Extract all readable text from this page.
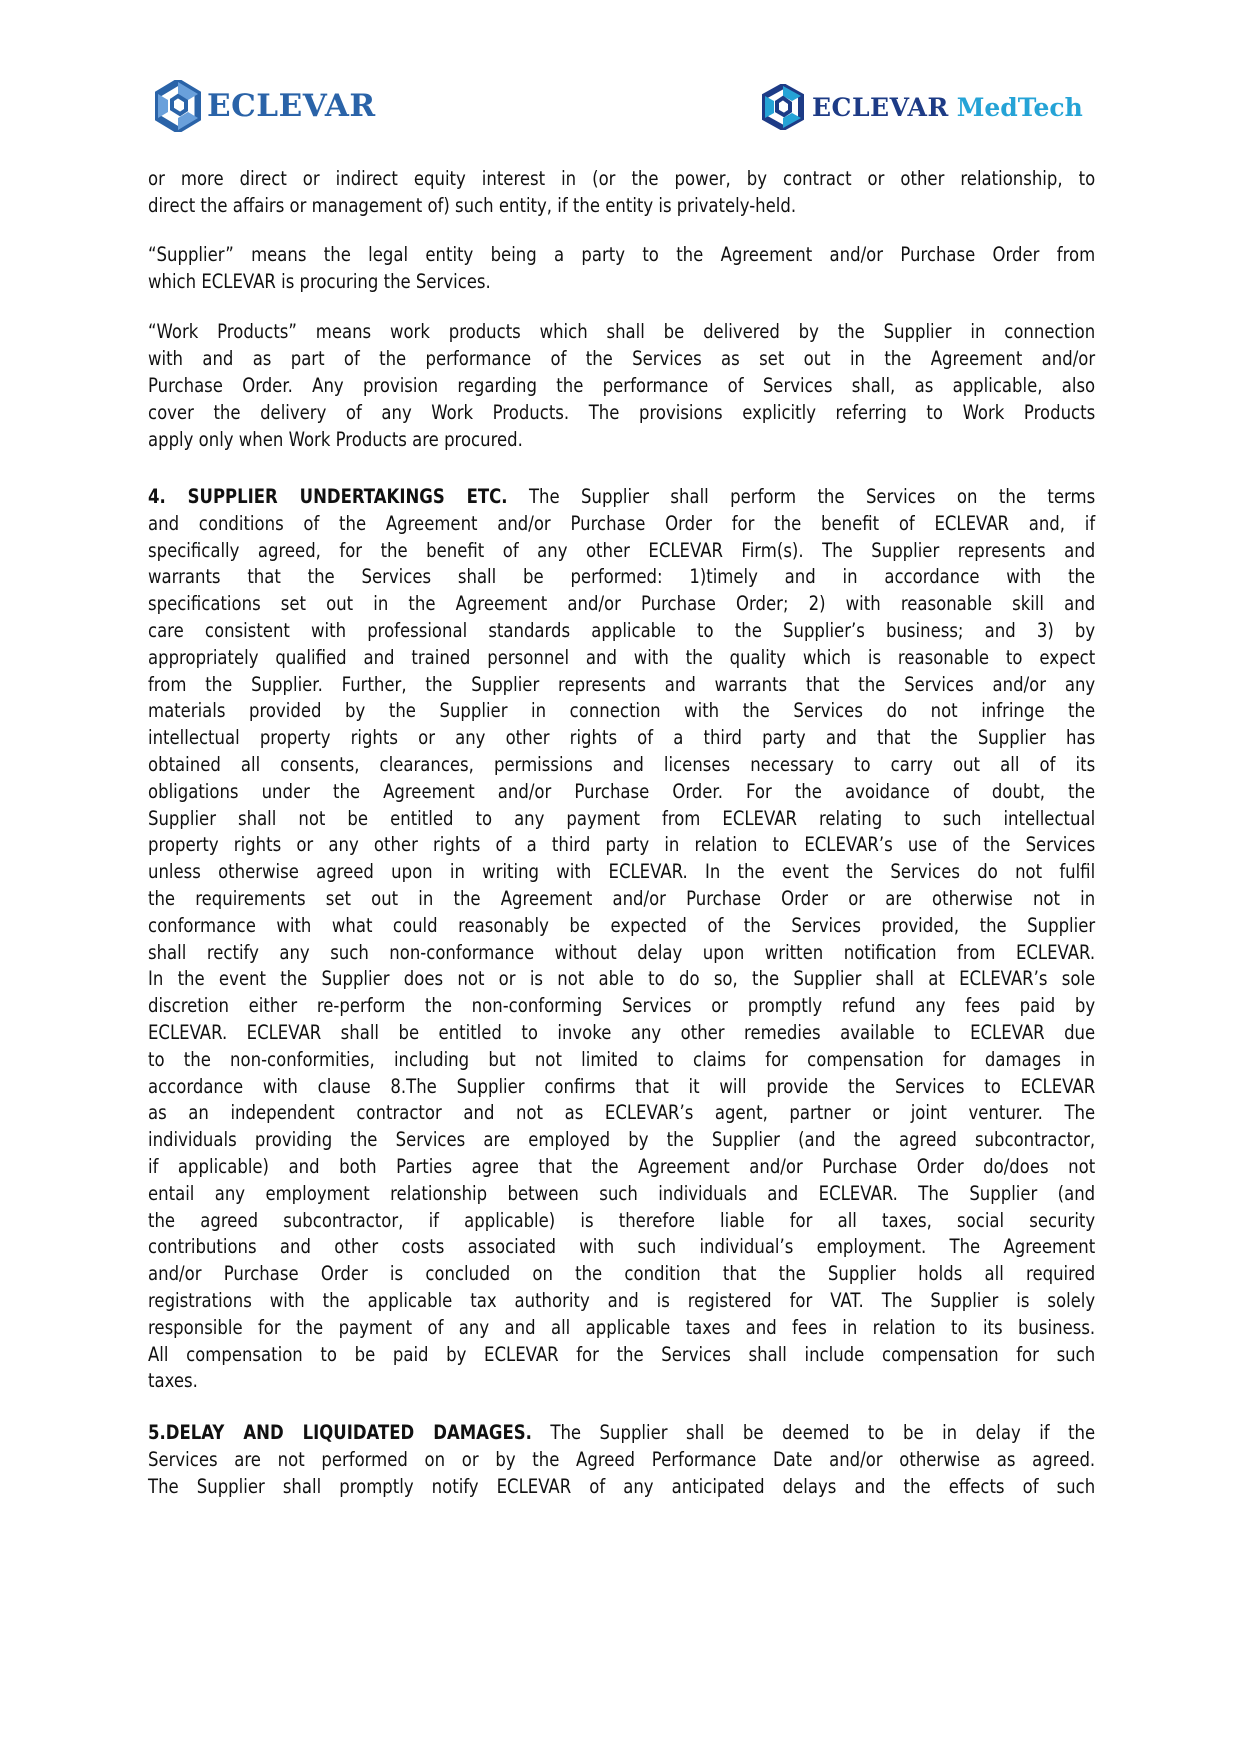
ECLEVAR	ECLEVAR MedTech
or more direct or indirect equity interest in (or the power, by contract or other relationship, to
direct the affairs or management of) such entity, if the entity is privately-held.
“Supplier” means the legal entity being a party to the Agreement and/or Purchase Order from
which ECLEVAR is procuring the Services.
“Work Products” means work products which shall be delivered by the Supplier in connection
with and as part of the performance of the Services as set out in the Agreement and/or
Purchase Order. Any provision regarding the performance of Services shall, as applicable, also
cover the delivery of any Work Products. The provisions explicitly referring to Work Products
apply only when Work Products are procured.
4. SUPPLIER UNDERTAKINGS ETC. The Supplier shall perform the Services on the terms
and conditions of the Agreement and/or Purchase Order for the benefit of ECLEVAR and, if
specifically agreed, for the benefit of any other ECLEVAR Firm(s). The Supplier represents and
warrants that the Services shall be performed: 1)timely and in accordance with the
specifications set out in the Agreement and/or Purchase Order; 2) with reasonable skill and
care consistent with professional standards applicable to the Supplier’s business; and 3) by
appropriately qualified and trained personnel and with the quality which is reasonable to expect
from the Supplier. Further, the Supplier represents and warrants that the Services and/or any
materials provided by the Supplier in connection with the Services do not infringe the
intellectual property rights or any other rights of a third party and that the Supplier has
obtained all consents, clearances, permissions and licenses necessary to carry out all of its
obligations under the Agreement and/or Purchase Order. For the avoidance of doubt, the
Supplier shall not be entitled to any payment from ECLEVAR relating to such intellectual
property rights or any other rights of a third party in relation to ECLEVAR’s use of the Services
unless otherwise agreed upon in writing with ECLEVAR. In the event the Services do not fulfil
the requirements set out in the Agreement and/or Purchase Order or are otherwise not in
conformance with what could reasonably be expected of the Services provided, the Supplier
shall rectify any such non-conformance without delay upon written notification from ECLEVAR.
In the event the Supplier does not or is not able to do so, the Supplier shall at ECLEVAR’s sole
discretion either re-perform the non-conforming Services or promptly refund any fees paid by
ECLEVAR. ECLEVAR shall be entitled to invoke any other remedies available to ECLEVAR due
to the non-conformities, including but not limited to claims for compensation for damages in
accordance with clause 8.The Supplier confirms that it will provide the Services to ECLEVAR
as an independent contractor and not as ECLEVAR’s agent, partner or joint venturer. The
individuals providing the Services are employed by the Supplier (and the agreed subcontractor,
if applicable) and both Parties agree that the Agreement and/or Purchase Order do/does not
entail any employment relationship between such individuals and ECLEVAR. The Supplier (and
the agreed subcontractor, if applicable) is therefore liable for all taxes, social security
contributions and other costs associated with such individual’s employment. The Agreement
and/or Purchase Order is concluded on the condition that the Supplier holds all required
registrations with the applicable tax authority and is registered for VAT. The Supplier is solely
responsible for the payment of any and all applicable taxes and fees in relation to its business.
All compensation to be paid by ECLEVAR for the Services shall include compensation for such
taxes.
5.DELAY AND LIQUIDATED DAMAGES. The Supplier shall be deemed to be in delay if the
Services are not performed on or by the Agreed Performance Date and/or otherwise as agreed.
The Supplier shall promptly notify ECLEVAR of any anticipated delays and the effects of such
